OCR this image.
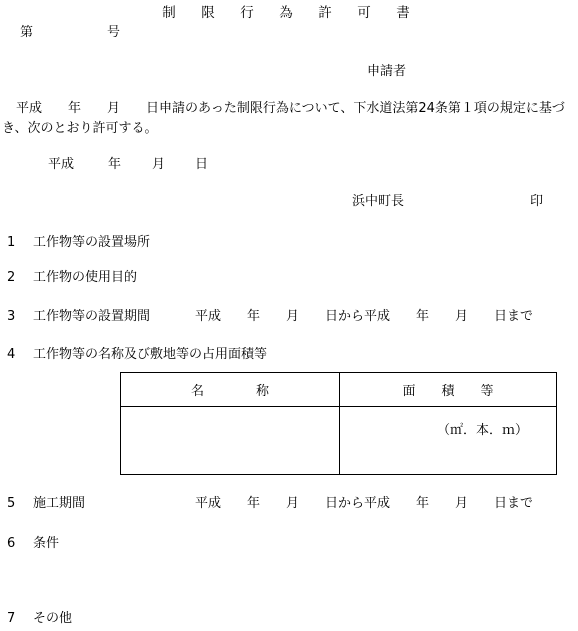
制　限　行　為　許　可　書
第	号
申請者
平成　　年　　月　　日申請のあった制限行為について、下水道法第24条第１項の規定に基づき、次のとおり許可する。
平成	年 月 日
浜中町長	印
1 工作物等の設置場所
2 工作物の使用目的
3 工作物等の設置期間	平成　　年　　月　　日から平成　　年　　月　　日まで
4 工作物等の名称及び敷地等の占用面積等
名　　　　称	面　　積　　等

	（㎡．本．ｍ）
5 施工期間	平成　　年　　月　　日から平成　　年　　月　　日まで
6 条件
7 その他
